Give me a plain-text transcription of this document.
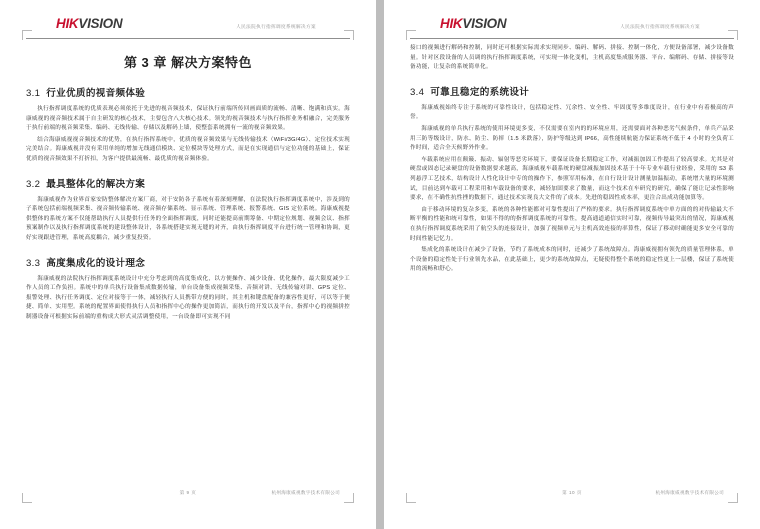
HIKVISION	人民法院执行指挥调度系统解决方案
第 3 章 解决方案特色
3.1 行业优质的视音频体验

执行指挥调度系统的优质表现必须依托于先进的视音频技术，保证执行前端所传回画面质的流畅、清晰、饱满和真实。海康威视的视音频技术属于自主研发的核心技术，主要包含八大核心技术。领先的视音频技术与执行指挥业务相融合，完美服务于执行前端的视音频采集、编码、无线传输、存储以及解码上墙，使整套系统拥有一流的视音频效果。

结合海康威视视音频技术的优势，在执行指挥系统中，优质的视音频效果与无线传输技术（WiFi/3G/4G）、定位技术实现完美结合。海康威视并没有采用单纯的增加无线通信模块、定位模块等处理方式，而是在实现通信与定位功能的基础上，保证优质的视音频效果不打折扣，为客户提供最流畅、最优质的视音频体验。

3.2 最具整体化的解决方案

海康威视作为业界首家安防整体解决方案厂商，对于安防各子系统有着深刻理解，在法院执行指挥调度系统中，涉及到的子系统包括前端视频采集、视音频传输系统、视音频存储系统、显示系统、管理系统、报警系统、GIS 定位系统。海康威视提供整体的系统方案不仅能帮助执行人员提供行任务的全面指挥调度，同时还能提高前期筹备、中期定位规划、视频会议、指挥预案制作以及执行指挥调度系统的建设整体设计，各系统搭建实现无缝的对齐，由执行指挥调度平台进行统一管理和协调，更好实现跟进管理，系统高度耦合，减少重复投资。

3.3 高度集成化的设计理念

海康威视的法院执行指挥调度系统设计中充分考虑到的高度集成化，以方便操作、减少设备、优化操作，最大限度减少工作人员的工作负担。系统中的单兵执行设备集成数据传输，单台设备集成视频采集、音频对讲、无线传输对讲、GPS 定位、报警处理、执行任务调度、定位对接等于一体，减轻执行人员携带方便的同时，其主机和键盘配备的兼容性更好，可以等于便捷、简单、实用型。系统的配置界面使得执行人员和指挥中心的操作更加简洁，而执行的开发以及平台，指挥中心的视频拼控制器设备可根据实际前端的重构成大形式灵活调整使用，一台设备即可实现不同

第 9 页	杭州海康威视数字技术有限公司
HIKVISION	人民法院执行指挥调度系统解决方案

接口的视频进行解码和控制，同时还可根据实际需求实现同步、编码、解码、拼接、控制一体化，方便设备部署，减少设备数量。针对区段设备的人员调的执行指挥调度系统，可实现一体化变机，主机高度集成服务器、平台、编解码、存储、拼接等设备功能，让复杂的系统简单化。

3.4 可靠且稳定的系统设计

海康威视始终专注于系统的可靠性设计，包括稳定性、冗余性、安全性、牢固度等多维度设计，在行业中有着极高的声誉。

海康威视的单兵执行系统的使用环境更多变，不仅需要在室内的的环境应用，还需要面对各种恶劣气候条件，单兵产品采用三防等级设计，防水、防尘、防摔（1.5 米跌落），防护等级达到 IP66，高性能续航能力保证系统不低于 4 小时的全负荷工作时间，适合全天候野外作业。

车载系统应用在颠簸、振动、辐射等恶劣环境下，要保证设备长期稳定工作，对减振加固工作提出了较高要求。尤其是对硬盘或固态记录硬盘的设备数据要求越高，海康威视车载系统的硬盘减振加固技术基于十年专业车载行业经验，采用的 S3 系列悬浮工艺技术，结构设计人性化设计中专的的操作下，参照军用标准，在自行设计设计测量加温振动，系统增大量的环境测试，目前达到车载可工程采用和车载设备的要求，减轻加固要求了数量，而这个技术在车研究的研究，确保了能让记录性影响要求，在不确性抗性挫的数据下，通过技术实现良大文件的了成本。先进的稳固性成本率，更注合出成功能加算等。

由于移动环境的复杂多变，系统的各种性能都对可靠性提出了严格的要求。执行指挥调度系统中单方面的的对传输最大不断平衡的性能和统可靠性，如果不得的的指挥调度系统的可靠性，提高通道通信实时可靠，视频传导最突出的情况，海康威视在执行指挥调度系统采用了航空头的连接设计，加强了视频单元与主机高效连接的率算性，保证了移动时确能更多安全可靠的时间性能记忆力。

集成化的系统设计在减少了设备，节约了系统成本的同时，还减少了系统故障点。海康威视拥有领先的质量管理体系，单个设备的稳定性处于行业领先水品，在此基础上，更少的系统故障点，无疑使得整个系统的稳定性更上一层楼，保证了系统使用的流畅和舒心。

第 10 页	杭州海康威视数字技术有限公司
